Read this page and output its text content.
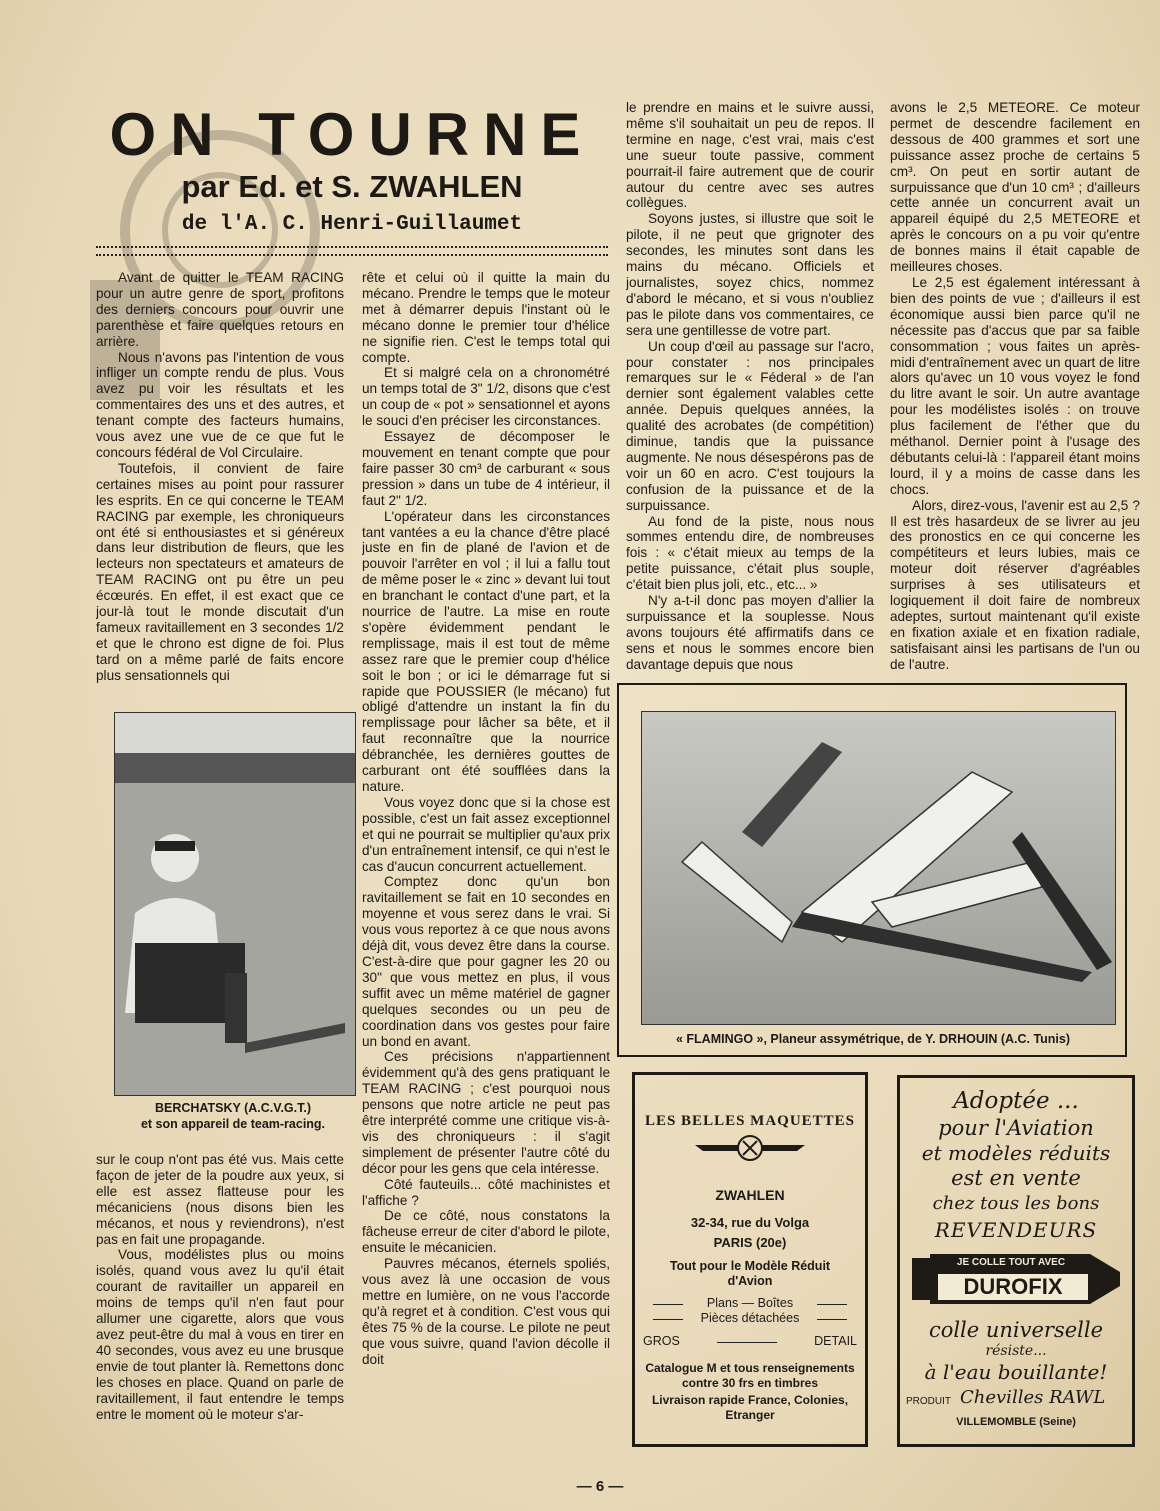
ON TOURNE
par Ed. et S. ZWAHLEN
de l'A. C. Henri-Guillaumet

Avant de quitter le TEAM RACING pour un autre genre de sport, profitons des derniers concours pour ouvrir une parenthèse et faire quelques retours en arrière.

Nous n'avons pas l'intention de vous infliger un compte rendu de plus. Vous avez pu voir les résultats et les commentaires des uns et des autres, et tenant compte des facteurs humains, vous avez une vue de ce que fut le concours fédéral de Vol Circulaire.

Toutefois, il convient de faire certaines mises au point pour rassurer les esprits. En ce qui concerne le TEAM RACING par exemple, les chroniqueurs ont été si enthousiastes et si généreux dans leur distribution de fleurs, que les lecteurs non spectateurs et amateurs de TEAM RACING ont pu être un peu écœurés. En effet, il est exact que ce jour-là tout le monde discutait d'un fameux ravitaillement en 3 secondes 1/2 et que le chrono est digne de foi. Plus tard on a même parlé de faits encore plus sensationnels qui

BERCHATSKY (A.C.V.G.T.)
et son appareil de team-racing.

sur le coup n'ont pas été vus. Mais cette façon de jeter de la poudre aux yeux, si elle est assez flatteuse pour les mécaniciens (nous disons bien les mécanos, et nous y reviendrons), n'est pas en fait une propagande.

Vous, modélistes plus ou moins isolés, quand vous avez lu qu'il était courant de ravitailler un appareil en moins de temps qu'il n'en faut pour allumer une cigarette, alors que vous avez peut-être du mal à vous en tirer en 40 secondes, vous avez eu une brusque envie de tout planter là. Remettons donc les choses en place. Quand on parle de ravitaillement, il faut entendre le temps entre le moment où le moteur s'ar-

rête et celui où il quitte la main du mécano. Prendre le temps que le moteur met à démarrer depuis l'instant où le mécano donne le premier tour d'hélice ne signifie rien. C'est le temps total qui compte.

Et si malgré cela on a chronométré un temps total de 3" 1/2, disons que c'est un coup de « pot » sensationnel et ayons le souci d'en préciser les circonstances.

Essayez de décomposer le mouvement en tenant compte que pour faire passer 30 cm³ de carburant « sous pression » dans un tube de 4 intérieur, il faut 2" 1/2.

L'opérateur dans les circonstances tant vantées a eu la chance d'être placé juste en fin de plané de l'avion et de pouvoir l'arrêter en vol ; il lui a fallu tout de même poser le « zinc » devant lui tout en branchant le contact d'une part, et la nourrice de l'autre. La mise en route s'opère évidemment pendant le remplissage, mais il est tout de même assez rare que le premier coup d'hélice soit le bon ; or ici le démarrage fut si rapide que POUSSIER (le mécano) fut obligé d'attendre un instant la fin du remplissage pour lâcher sa bête, et il faut reconnaître que la nourrice débranchée, les dernières gouttes de carburant ont été soufflées dans la nature.

Vous voyez donc que si la chose est possible, c'est un fait assez exceptionnel et qui ne pourrait se multiplier qu'aux prix d'un entraînement intensif, ce qui n'est le cas d'aucun concurrent actuellement.

Comptez donc qu'un bon ravitaillement se fait en 10 secondes en moyenne et vous serez dans le vrai. Si vous vous reportez à ce que nous avons déjà dit, vous devez être dans la course. C'est-à-dire que pour gagner les 20 ou 30" que vous mettez en plus, il vous suffit avec un même matériel de gagner quelques secondes ou un peu de coordination dans vos gestes pour faire un bond en avant.

Ces précisions n'appartiennent évidemment qu'à des gens pratiquant le TEAM RACING ; c'est pourquoi nous pensons que notre article ne peut pas être interprété comme une critique vis-à-vis des chroniqueurs : il s'agit simplement de présenter l'autre côté du décor pour les gens que cela intéresse.

Côté fauteuils... côté machinistes et l'affiche ?

De ce côté, nous constatons la fâcheuse erreur de citer d'abord le pilote, ensuite le mécanicien.

Pauvres mécanos, éternels spoliés, vous avez là une occasion de vous mettre en lumière, on ne vous l'accorde qu'à regret et à condition. C'est vous qui êtes 75 % de la course. Le pilote ne peut que vous suivre, quand l'avion décolle il doit

le prendre en mains et le suivre aussi, même s'il souhaitait un peu de repos. Il termine en nage, c'est vrai, mais c'est une sueur toute passive, comment pourrait-il faire autrement que de courir autour du centre avec ses autres collègues.

Soyons justes, si illustre que soit le pilote, il ne peut que grignoter des secondes, les minutes sont dans les mains du mécano. Officiels et journalistes, soyez chics, nommez d'abord le mécano, et si vous n'oubliez pas le pilote dans vos commentaires, ce sera une gentillesse de votre part.

Un coup d'œil au passage sur l'acro, pour constater : nos principales remarques sur le « Féderal » de l'an dernier sont également valables cette année. Depuis quelques années, la qualité des acrobates (de compétition) diminue, tandis que la puissance augmente. Ne nous désespérons pas de voir un 60 en acro. C'est toujours la confusion de la puissance et de la surpuissance.

Au fond de la piste, nous nous sommes entendu dire, de nombreuses fois : « c'était mieux au temps de la petite puissance, c'était plus souple, c'était bien plus joli, etc., etc... »

N'y a-t-il donc pas moyen d'allier la surpuissance et la souplesse. Nous avons toujours été affirmatifs dans ce sens et nous le sommes encore bien davantage depuis que nous

avons le 2,5 METEORE. Ce moteur permet de descendre facilement en dessous de 400 grammes et sort une puissance assez proche de certains 5 cm³. On peut en sortir autant de surpuissance que d'un 10 cm³ ; d'ailleurs cette année un concurrent avait un appareil équipé du 2,5 METEORE et après le concours on a pu voir qu'entre de bonnes mains il était capable de meilleures choses.

Le 2,5 est également intéressant à bien des points de vue ; d'ailleurs il est économique aussi bien parce qu'il ne nécessite pas d'accus que par sa faible consommation ; vous faites un après-midi d'entraînement avec un quart de litre alors qu'avec un 10 vous voyez le fond du litre avant le soir. Un autre avantage pour les modélistes isolés : on trouve plus facilement de l'éther que du méthanol. Dernier point à l'usage des débutants celui-là : l'appareil étant moins lourd, il y a moins de casse dans les chocs.

Alors, direz-vous, l'avenir est au 2,5 ? Il est très hasardeux de se livrer au jeu des pronostics en ce qui concerne les compétiteurs et leurs lubies, mais ce moteur doit réserver d'agréables surprises à ses utilisateurs et logiquement il doit faire de nombreux adeptes, surtout maintenant qu'il existe en fixation axiale et en fixation radiale, satisfaisant ainsi les partisans de l'un ou de l'autre.

« FLAMINGO », Planeur assymétrique, de Y. DRHOUIN (A.C. Tunis)
LES BELLES MAQUETTES
ZWAHLEN
32-34, rue du Volga
PARIS (20e)
Tout pour le Modèle Réduit d'Avion
Plans — Boîtes
Pièces détachées
GROS	DETAIL
Catalogue M et tous renseignements contre 30 frs en timbres
Livraison rapide France, Colonies, Etranger
Adoptée ...
pour l'Aviation
et modèles réduits
est en vente
chez tous les bons
REVENDEURS
JE COLLE TOUT AVEC
DUROFIX
colle universelle
résiste...
à l'eau bouillante!
PRODUIT Chevilles RAWL
VILLEMOMBLE (Seine)
— 6 —
